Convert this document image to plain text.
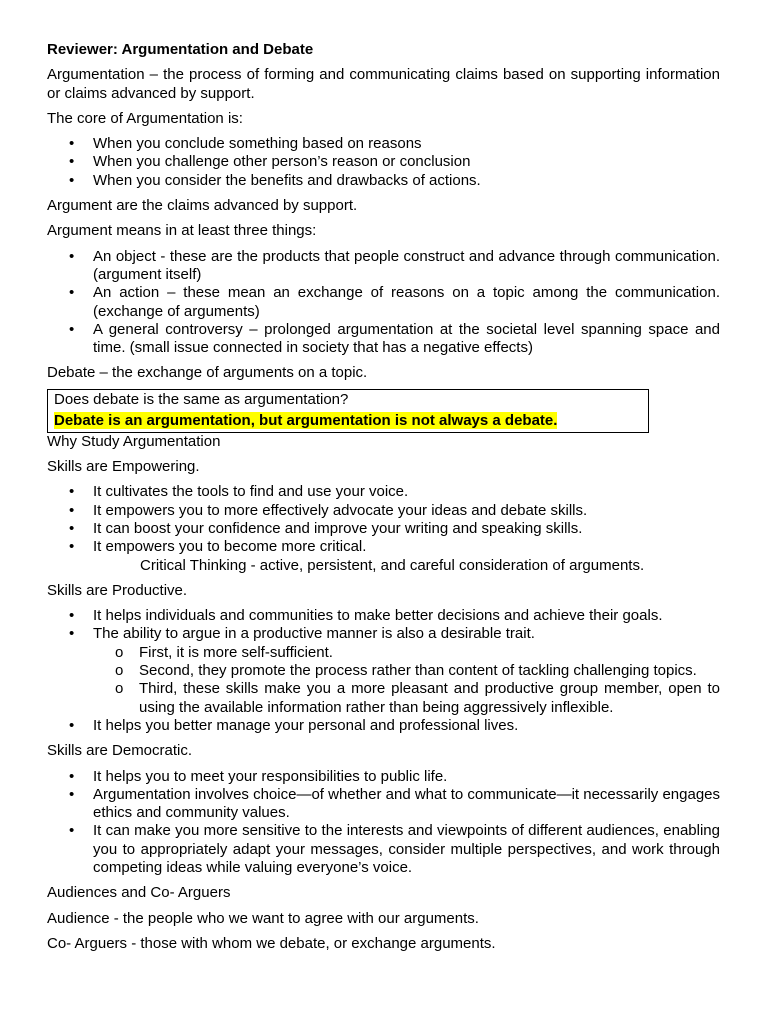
Reviewer: Argumentation and Debate

Argumentation – the process of forming and communicating claims based on supporting information or claims advanced by support.

The core of Argumentation is:

• When you conclude something based on reasons
• When you challenge other person’s reason or conclusion
• When you consider the benefits and drawbacks of actions.

Argument are the claims advanced by support.

Argument means in at least three things:

• An object - these are the products that people construct and advance through communication. (argument itself)
• An action – these mean an exchange of reasons on a topic among the communication. (exchange of arguments)
• A general controversy – prolonged argumentation at the societal level spanning space and time. (small issue connected in society that has a negative effects)

Debate – the exchange of arguments on a topic.

Does debate is the same as argumentation?
Debate is an argumentation, but argumentation is not always a debate.

Why Study Argumentation

Skills are Empowering.

• It cultivates the tools to find and use your voice.
• It empowers you to more effectively advocate your ideas and debate skills.
• It can boost your confidence and improve your writing and speaking skills.
• It empowers you to become more critical.
Critical Thinking - active, persistent, and careful consideration of arguments.

Skills are Productive.

• It helps individuals and communities to make better decisions and achieve their goals.
• The ability to argue in a productive manner is also a desirable trait.
o First, it is more self-sufficient.
o Second, they promote the process rather than content of tackling challenging topics.
o Third, these skills make you a more pleasant and productive group member, open to using the available information rather than being aggressively inflexible.
• It helps you better manage your personal and professional lives.

Skills are Democratic.

• It helps you to meet your responsibilities to public life.
• Argumentation involves choice—of whether and what to communicate—it necessarily engages ethics and community values.
• It can make you more sensitive to the interests and viewpoints of different audiences, enabling you to appropriately adapt your messages, consider multiple perspectives, and work through competing ideas while valuing everyone’s voice.

Audiences and Co- Arguers

Audience - the people who we want to agree with our arguments.

Co- Arguers - those with whom we debate, or exchange arguments.
